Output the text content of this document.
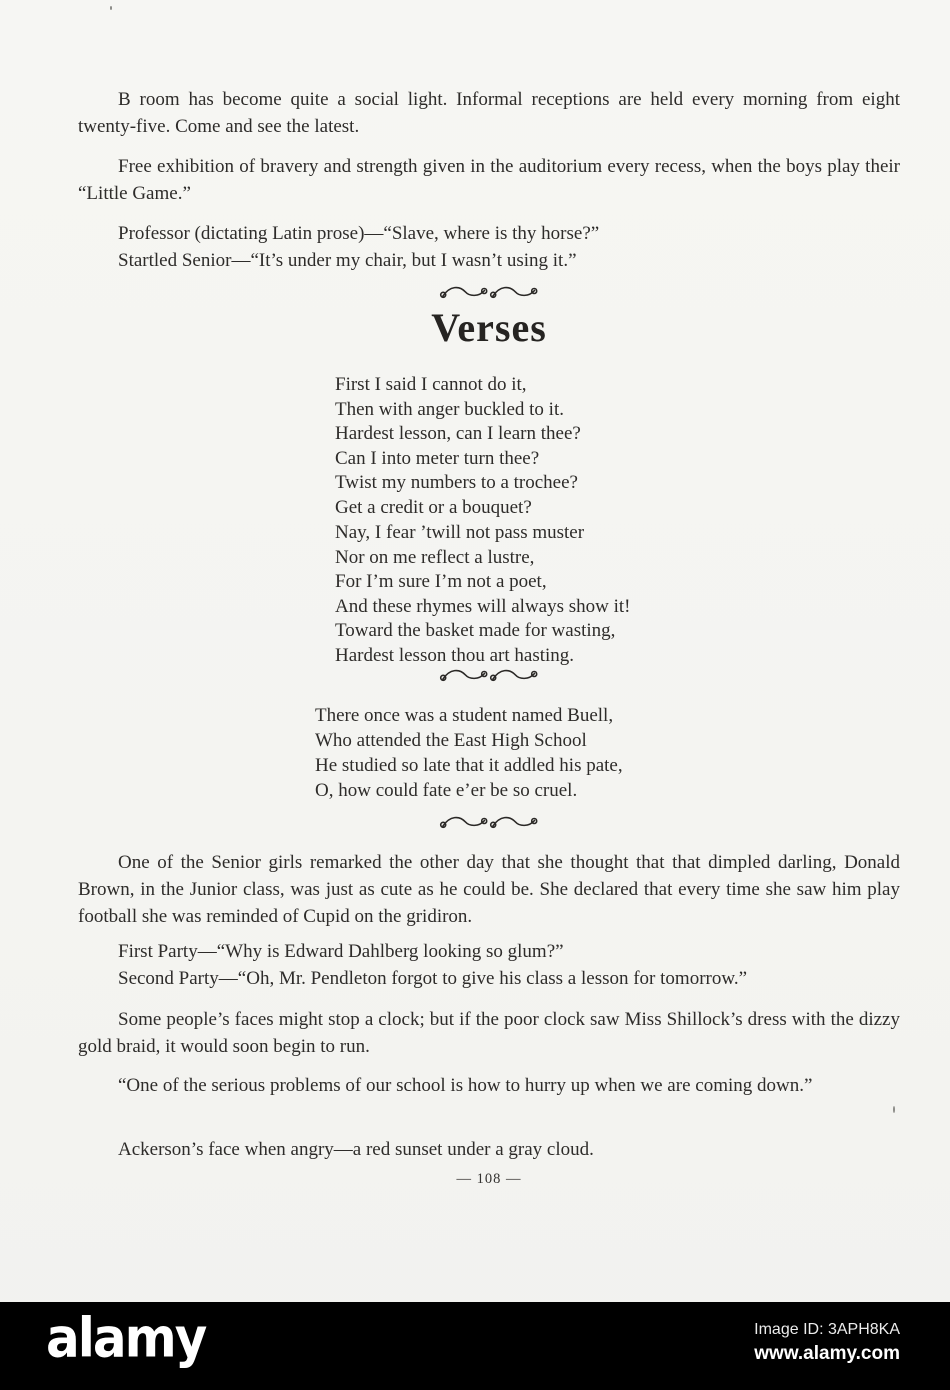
B room has become quite a social light. Informal receptions are held every morning from eight twenty-five. Come and see the latest.

Free exhibition of bravery and strength given in the auditorium every recess, when the boys play their “Little Game.”

Professor (dictating Latin prose)—“Slave, where is thy horse?”

Startled Senior—“It’s under my chair, but I wasn’t using it.”

Verses

First I said I cannot do it,

Then with anger buckled to it.

Hardest lesson, can I learn thee?

Can I into meter turn thee?

Twist my numbers to a trochee?

Get a credit or a bouquet?

Nay, I fear ’twill not pass muster

Nor on me reflect a lustre,

For I’m sure I’m not a poet,

And these rhymes will always show it!

Toward the basket made for wasting,

Hardest lesson thou art hasting.

There once was a student named Buell,

Who attended the East High School

He studied so late that it addled his pate,

O, how could fate e’er be so cruel.

One of the Senior girls remarked the other day that she thought that that dimpled darling, Donald Brown, in the Junior class, was just as cute as he could be. She declared that every time she saw him play football she was reminded of Cupid on the gridiron.

First Party—“Why is Edward Dahlberg looking so glum?”

Second Party—“Oh, Mr. Pendleton forgot to give his class a lesson for tomorrow.”

Some people’s faces might stop a clock; but if the poor clock saw Miss Shillock’s dress with the dizzy gold braid, it would soon begin to run.

“One of the serious problems of our school is how to hurry up when we are coming down.”

Ackerson’s face when angry—a red sunset under a gray cloud.

— 108 —
alamy	Image ID: 3APH8KA

www.alamy.com
